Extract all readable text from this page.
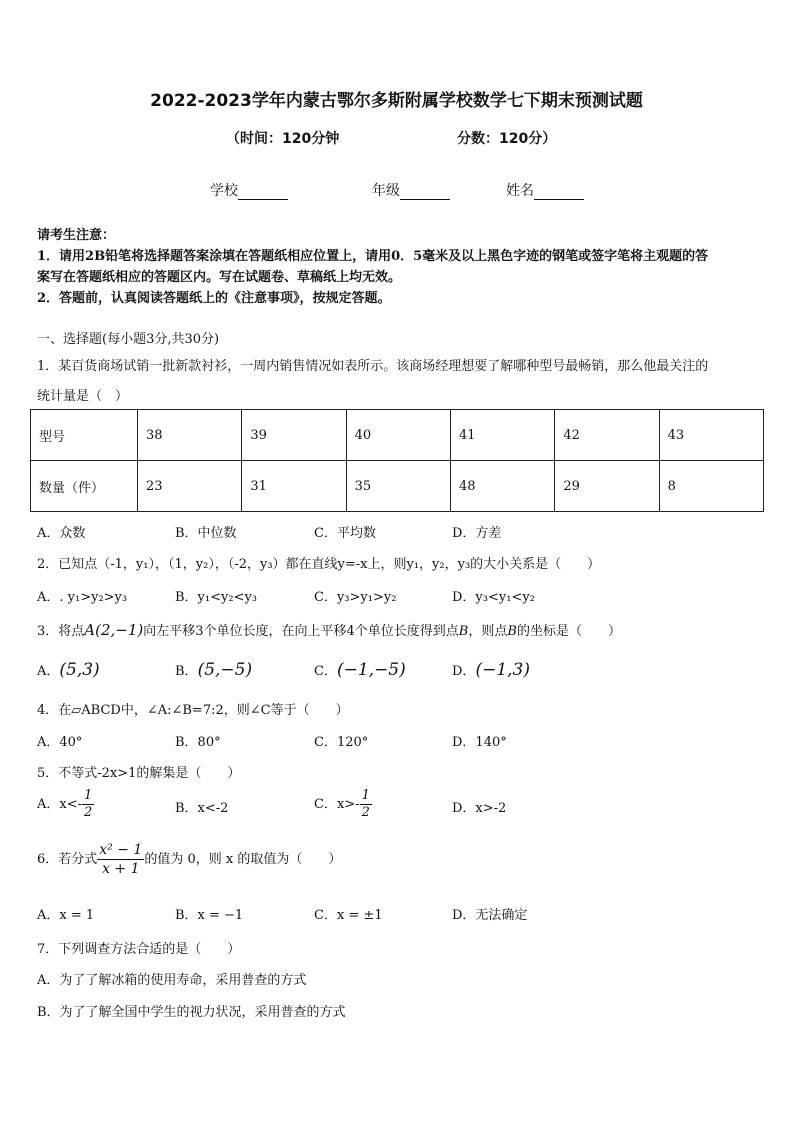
2022-2023学年内蒙古鄂尔多斯附属学校数学七下期末预测试题
（时间：120分钟	分数：120分）
学校	年级	姓名
请考生注意：
1．请用2B铅笔将选择题答案涂填在答题纸相应位置上，请用0．5毫米及以上黑色字迹的钢笔或签字笔将主观题的答
案写在答题纸相应的答题区内。写在试题卷、草稿纸上均无效。
2．答题前，认真阅读答题纸上的《注意事项》，按规定答题。
一、选择题(每小题3分,共30分)
1．某百货商场试销一批新款衬衫，一周内销售情况如表所示。该商场经理想要了解哪种型号最畅销，那么他最关注的
统计量是（　）
型号	38	39	40	41	42	43
数量（件）	23	31	35	48	29	8
A．众数	B．中位数	C．平均数	D．方差
2．已知点（-1，y₁），（1，y₂），（-2，y₃）都在直线y=-x上，则y₁，y₂，y₃的大小关系是（　　）
A．. y₁>y₂>y₃	B．y₁<y₂<y₃	C．y₃>y₁>y₂	D．y₃<y₁<y₂
3．将点A(2,−1)向左平移3个单位长度，在向上平移4个单位长度得到点B，则点B的坐标是（　　）
A．(5,3)	B．(5,−5)	C．(−1,−5)	D．(−1,3)
4．在▱ABCD中，∠A:∠B=7:2，则∠C等于（　　）
A．40°	B．80°	C．120°	D．140°
5．不等式-2x>1的解集是（　　）
A．$x<- \frac{1}{2}$	B．x<-2	C．$x>- \frac{1}{2}$	D．x>-2
6．若分式 $\frac{\text{x² − 1}}{x + 1}$ 的值为 0，则 x 的取值为（　　）
A．x = 1	B．x = −1	C．x = ±1	D．无法确定
7．下列调查方法合适的是（　　）
A．为了了解冰箱的使用寿命，采用普查的方式
B．为了了解全国中学生的视力状况，采用普查的方式
